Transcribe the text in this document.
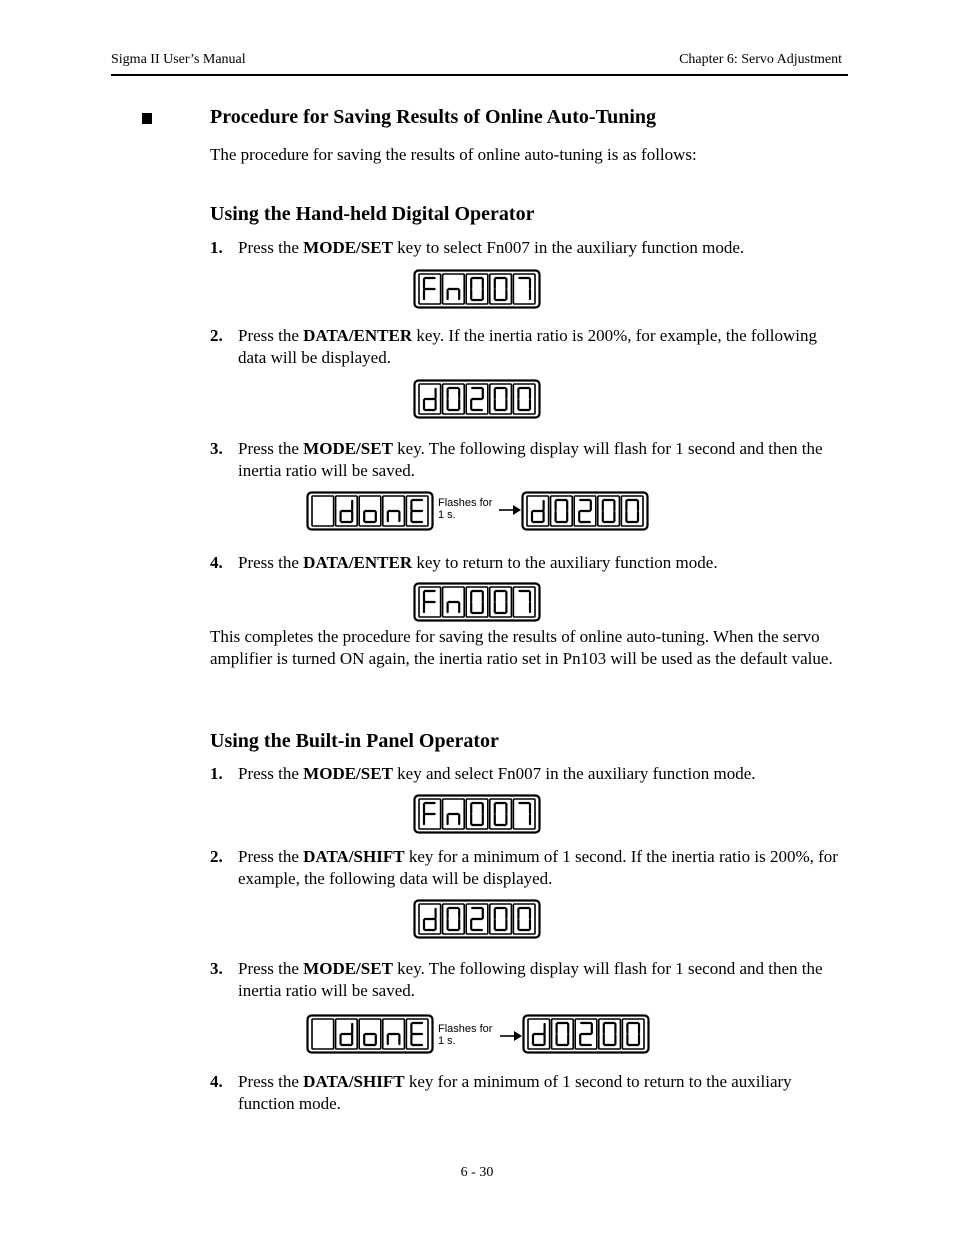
Sigma II User’s Manual	Chapter 6: Servo Adjustment
Procedure for Saving Results of Online Auto-Tuning

The procedure for saving the results of online auto-tuning is as follows:

Using the Hand-held Digital Operator
1. Press the MODE/SET key to select Fn007 in the auxiliary function mode.
2. Press the DATA/ENTER key. If the inertia ratio is 200%, for example, the following data will be displayed.
3. Press the MODE/SET key. The following display will flash for 1 second and then the inertia ratio will be saved.
Flashes for
1 s.
4. Press the DATA/ENTER key to return to the auxiliary function mode.

This completes the procedure for saving the results of online auto-tuning. When the servo amplifier is turned ON again, the inertia ratio set in Pn103 will be used as the default value.

Using the Built-in Panel Operator
1. Press the MODE/SET key and select Fn007 in the auxiliary function mode.
2. Press the DATA/SHIFT key for a minimum of 1 second. If the inertia ratio is 200%, for example, the following data will be displayed.
3. Press the MODE/SET key. The following display will flash for 1 second and then the inertia ratio will be saved.
Flashes for
1 s.
4. Press the DATA/SHIFT key for a minimum of 1 second to return to the auxiliary function mode.
6 - 30
